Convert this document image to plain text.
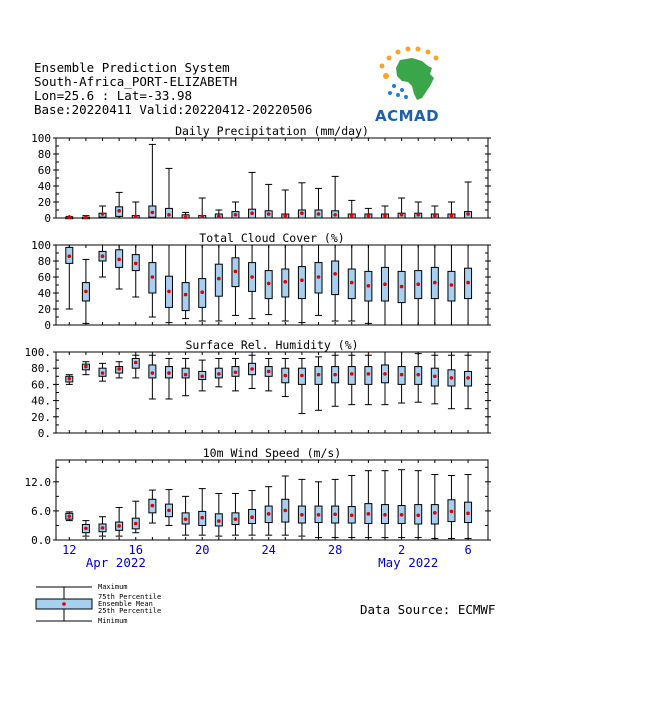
Ensemble Prediction System
South-Africa_PORT-ELIZABETH
Lon=25.6 : Lat=-33.98
Base:20220411 Valid:20220412-20220506	ACMAD
0
20
40
60
80
100
Daily Precipitation (mm/day)
0
20
40
60
80
100
Total Cloud Cover (%)
0.
20.
40.
60.
80.
100.
Surface Rel. Humidity (%)
0.0
6.0
12.0
10m Wind Speed (m/s)
12	16	20	24	28	2	6
Apr 2022	May 2022
Data Source: ECMWF
Maximum
75th Percentile
Ensemble Mean
25th Percentile
Minimum
